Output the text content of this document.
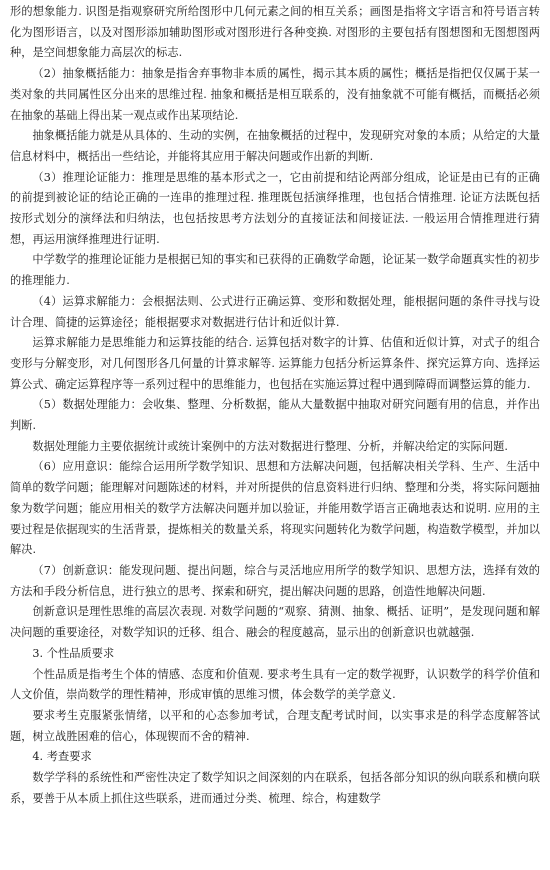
形的想象能力. 识图是指观察研究所给图形中几何元素之间的相互关系；画图是指将文字语言和符号语言转化为图形语言，以及对图形添加辅助图形或对图形进行各种变换. 对图形的主要包括有图想图和无图想图两种，是空间想象能力高层次的标志.

（2）抽象概括能力：抽象是指舍弃事物非本质的属性，揭示其本质的属性；概括是指把仅仅属于某一类对象的共同属性区分出来的思维过程. 抽象和概括是相互联系的，没有抽象就不可能有概括，而概括必须在抽象的基础上得出某一观点或作出某项结论.

抽象概括能力就是从具体的、生动的实例，在抽象概括的过程中，发现研究对象的本质；从给定的大量信息材料中，概括出一些结论，并能将其应用于解决问题或作出新的判断.

（3）推理论证能力：推理是思维的基本形式之一，它由前提和结论两部分组成，论证是由已有的正确的前提到被论证的结论正确的一连串的推理过程. 推理既包括演绎推理，也包括合情推理. 论证方法既包括按形式划分的演绎法和归纳法，也包括按思考方法划分的直接证法和间接证法. 一般运用合情推理进行猜想，再运用演绎推理进行证明.

中学数学的推理论证能力是根据已知的事实和已获得的正确数学命题，论证某一数学命题真实性的初步的推理能力.

（4）运算求解能力：会根据法则、公式进行正确运算、变形和数据处理，能根据问题的条件寻找与设计合理、简捷的运算途径；能根据要求对数据进行估计和近似计算.

运算求解能力是思维能力和运算技能的结合. 运算包括对数字的计算、估值和近似计算，对式子的组合变形与分解变形，对几何图形各几何量的计算求解等. 运算能力包括分析运算条件、探究运算方向、选择运算公式、确定运算程序等一系列过程中的思维能力，也包括在实施运算过程中遇到障碍而调整运算的能力.

（5）数据处理能力：会收集、整理、分析数据，能从大量数据中抽取对研究问题有用的信息，并作出判断.

数据处理能力主要依据统计或统计案例中的方法对数据进行整理、分析，并解决给定的实际问题.

（6）应用意识：能综合运用所学数学知识、思想和方法解决问题，包括解决相关学科、生产、生活中简单的数学问题；能理解对问题陈述的材料，并对所提供的信息资料进行归纳、整理和分类，将实际问题抽象为数学问题；能应用相关的数学方法解决问题并加以验证，并能用数学语言正确地表达和说明. 应用的主要过程是依据现实的生活背景，提炼相关的数量关系，将现实问题转化为数学问题，构造数学模型，并加以解决.

（7）创新意识：能发现问题、提出问题，综合与灵活地应用所学的数学知识、思想方法，选择有效的方法和手段分析信息，进行独立的思考、探索和研究，提出解决问题的思路，创造性地解决问题.

创新意识是理性思维的高层次表现. 对数学问题的“观察、猜测、抽象、概括、证明”，是发现问题和解决问题的重要途径，对数学知识的迁移、组合、融会的程度越高，显示出的创新意识也就越强.

3. 个性品质要求

个性品质是指考生个体的情感、态度和价值观. 要求考生具有一定的数学视野，认识数学的科学价值和人文价值，崇尚数学的理性精神，形成审慎的思维习惯，体会数学的美学意义.

要求考生克服紧张情绪，以平和的心态参加考试，合理支配考试时间，以实事求是的科学态度解答试题，树立战胜困难的信心，体现锲而不舍的精神.

4. 考查要求

数学学科的系统性和严密性决定了数学知识之间深刻的内在联系，包括各部分知识的纵向联系和横向联系，要善于从本质上抓住这些联系，进而通过分类、梳理、综合，构建数学
